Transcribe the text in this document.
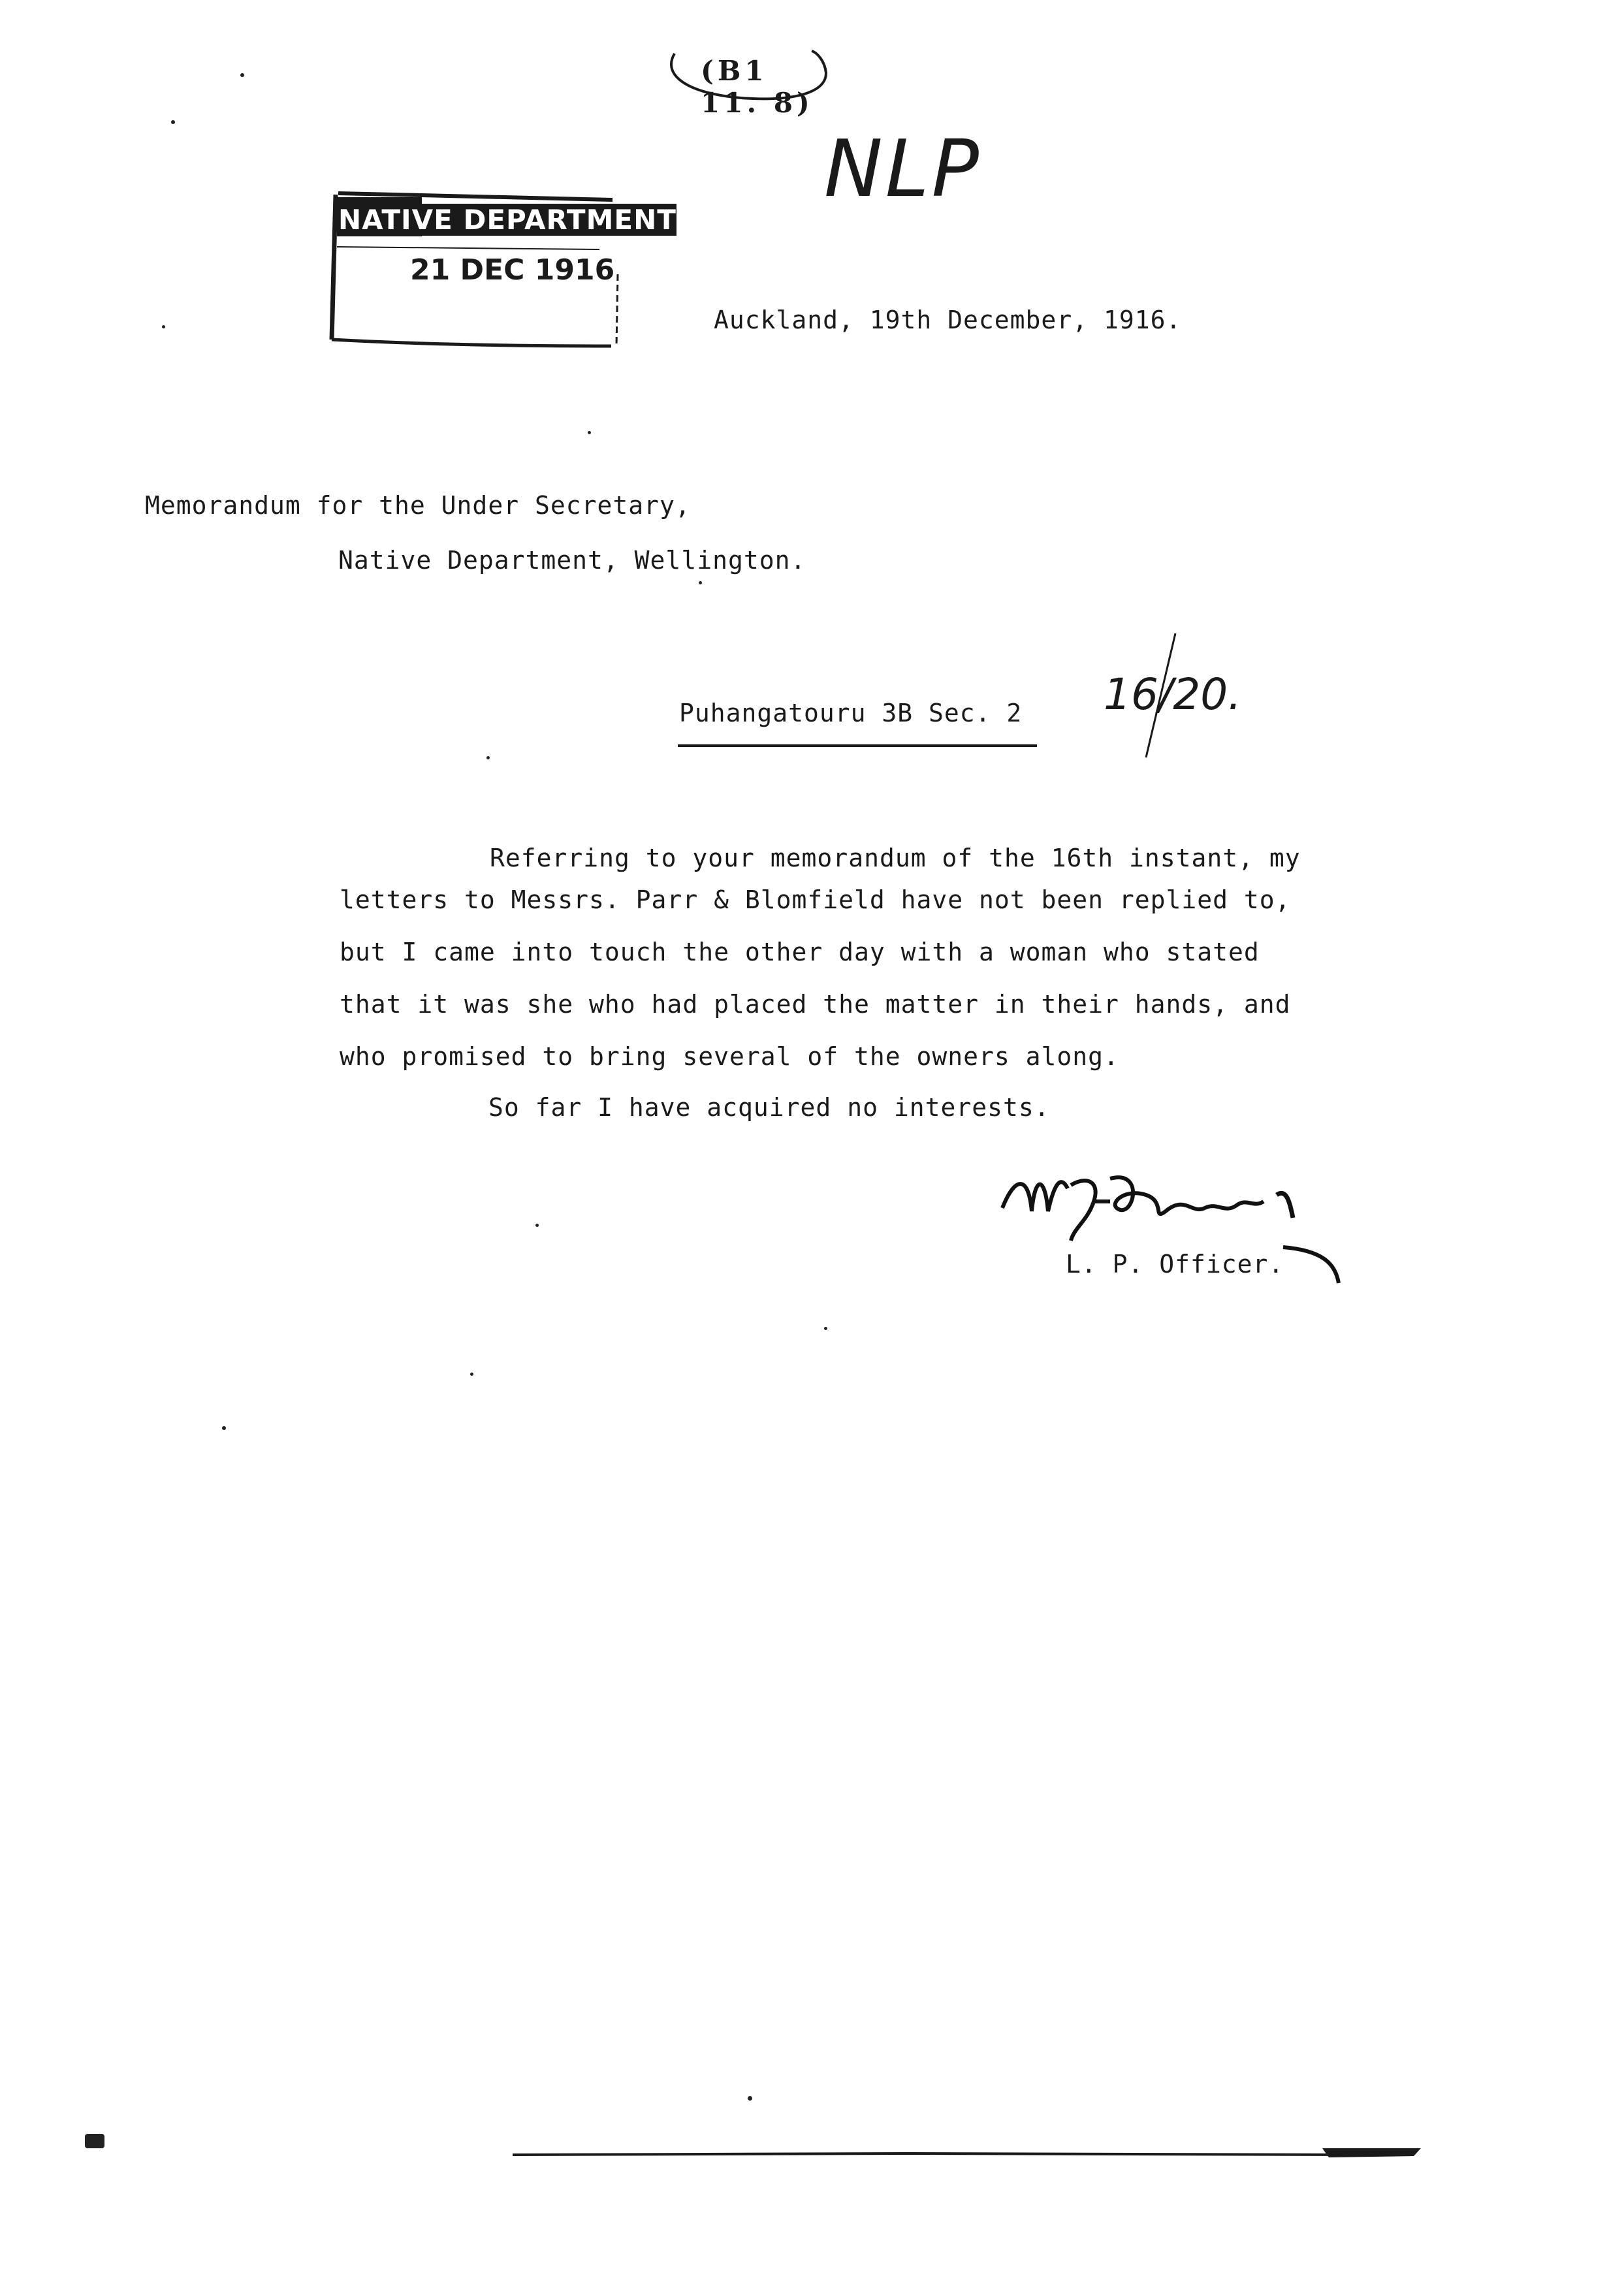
(B1 11. 8)
NLP
NATIVE DEPARTMENT
21 DEC 1916
Auckland, 19th December, 1916.
Memorandum for the Under Secretary,
Native Department, Wellington.
Puhangatouru 3B Sec. 2 16/20.
Referring to your memorandum of the 16th instant, my
letters to Messrs. Parr & Blomfield have not been replied to,
but I came into touch the other day with a woman who stated
that it was she who had placed the matter in their hands, and
who promised to bring several of the owners along.
So far I have acquired no interests.
L. P. Officer.
